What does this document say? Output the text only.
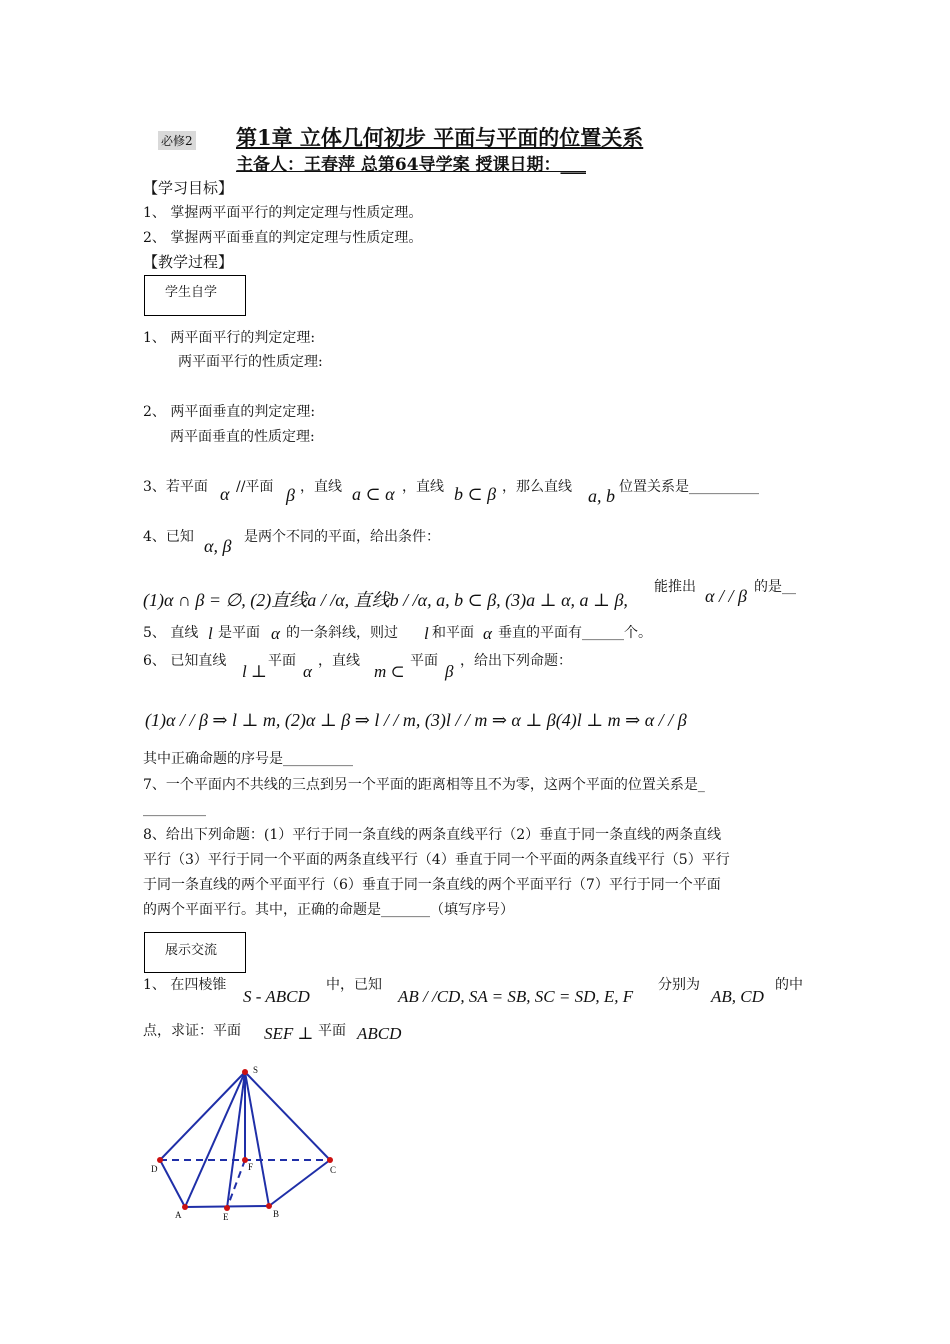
必修2 第1章 立体几何初步 平面与平面的位置关系
主备人：王春萍 总第64导学案 授课日期：___
【学习目标】
1、 掌握两平面平行的判定定理与性质定理。
2、 掌握两平面垂直的判定定理与性质定理。
【教学过程】
学生自学
1、 两平面平行的判定定理:
两平面平行的性质定理:
2、 两平面垂直的判定定理:
两平面垂直的性质定理:
3、若平面 α //平面 β ，直线 a ⊂ α ，直线 b ⊂ β ，那么直线 a, b 位置关系是__________
4、已知 α, β 是两个不同的平面，给出条件：
(1)α ∩ β = ∅, (2)直线a / /α, 直线b / /α, a, b ⊂ β, (3)a ⊥ α, a ⊥ β,
能推出 α / / β 的是__
5、 直线 l 是平面 α 的一条斜线，则过 l 和平面 α 垂直的平面有______个。
6、 已知直线
l ⊥
平面
α
，直线
m ⊂
平面
β
，给出下列命题：
(1)α / / β ⇒ l ⊥ m, (2)α ⊥ β ⇒ l / / m, (3)l / / m ⇒ α ⊥ β(4)l ⊥ m ⇒ α / / β
其中正确命题的序号是__________
7、一个平面内不共线的三点到另一个平面的距离相等且不为零，这两个平面的位置关系是_
_________
8、给出下列命题：(1）平行于同一条直线的两条直线平行（2）垂直于同一条直线的两条直线
平行（3）平行于同一个平面的两条直线平行（4）垂直于同一个平面的两条直线平行（5）平行
于同一条直线的两个平面平行（6）垂直于同一条直线的两个平面平行（7）平行于同一个平面
的两个平面平行。其中，正确的命题是_______（填写序号）
展示交流
1、 在四棱锥
S - ABCD
中，已知
AB / /CD, SA = SB, SC = SD, E, F
分别为
AB, CD
的中
点，求证：平面 SEF ⊥ 平面 ABCD
S
D	C
F
A	E	B
